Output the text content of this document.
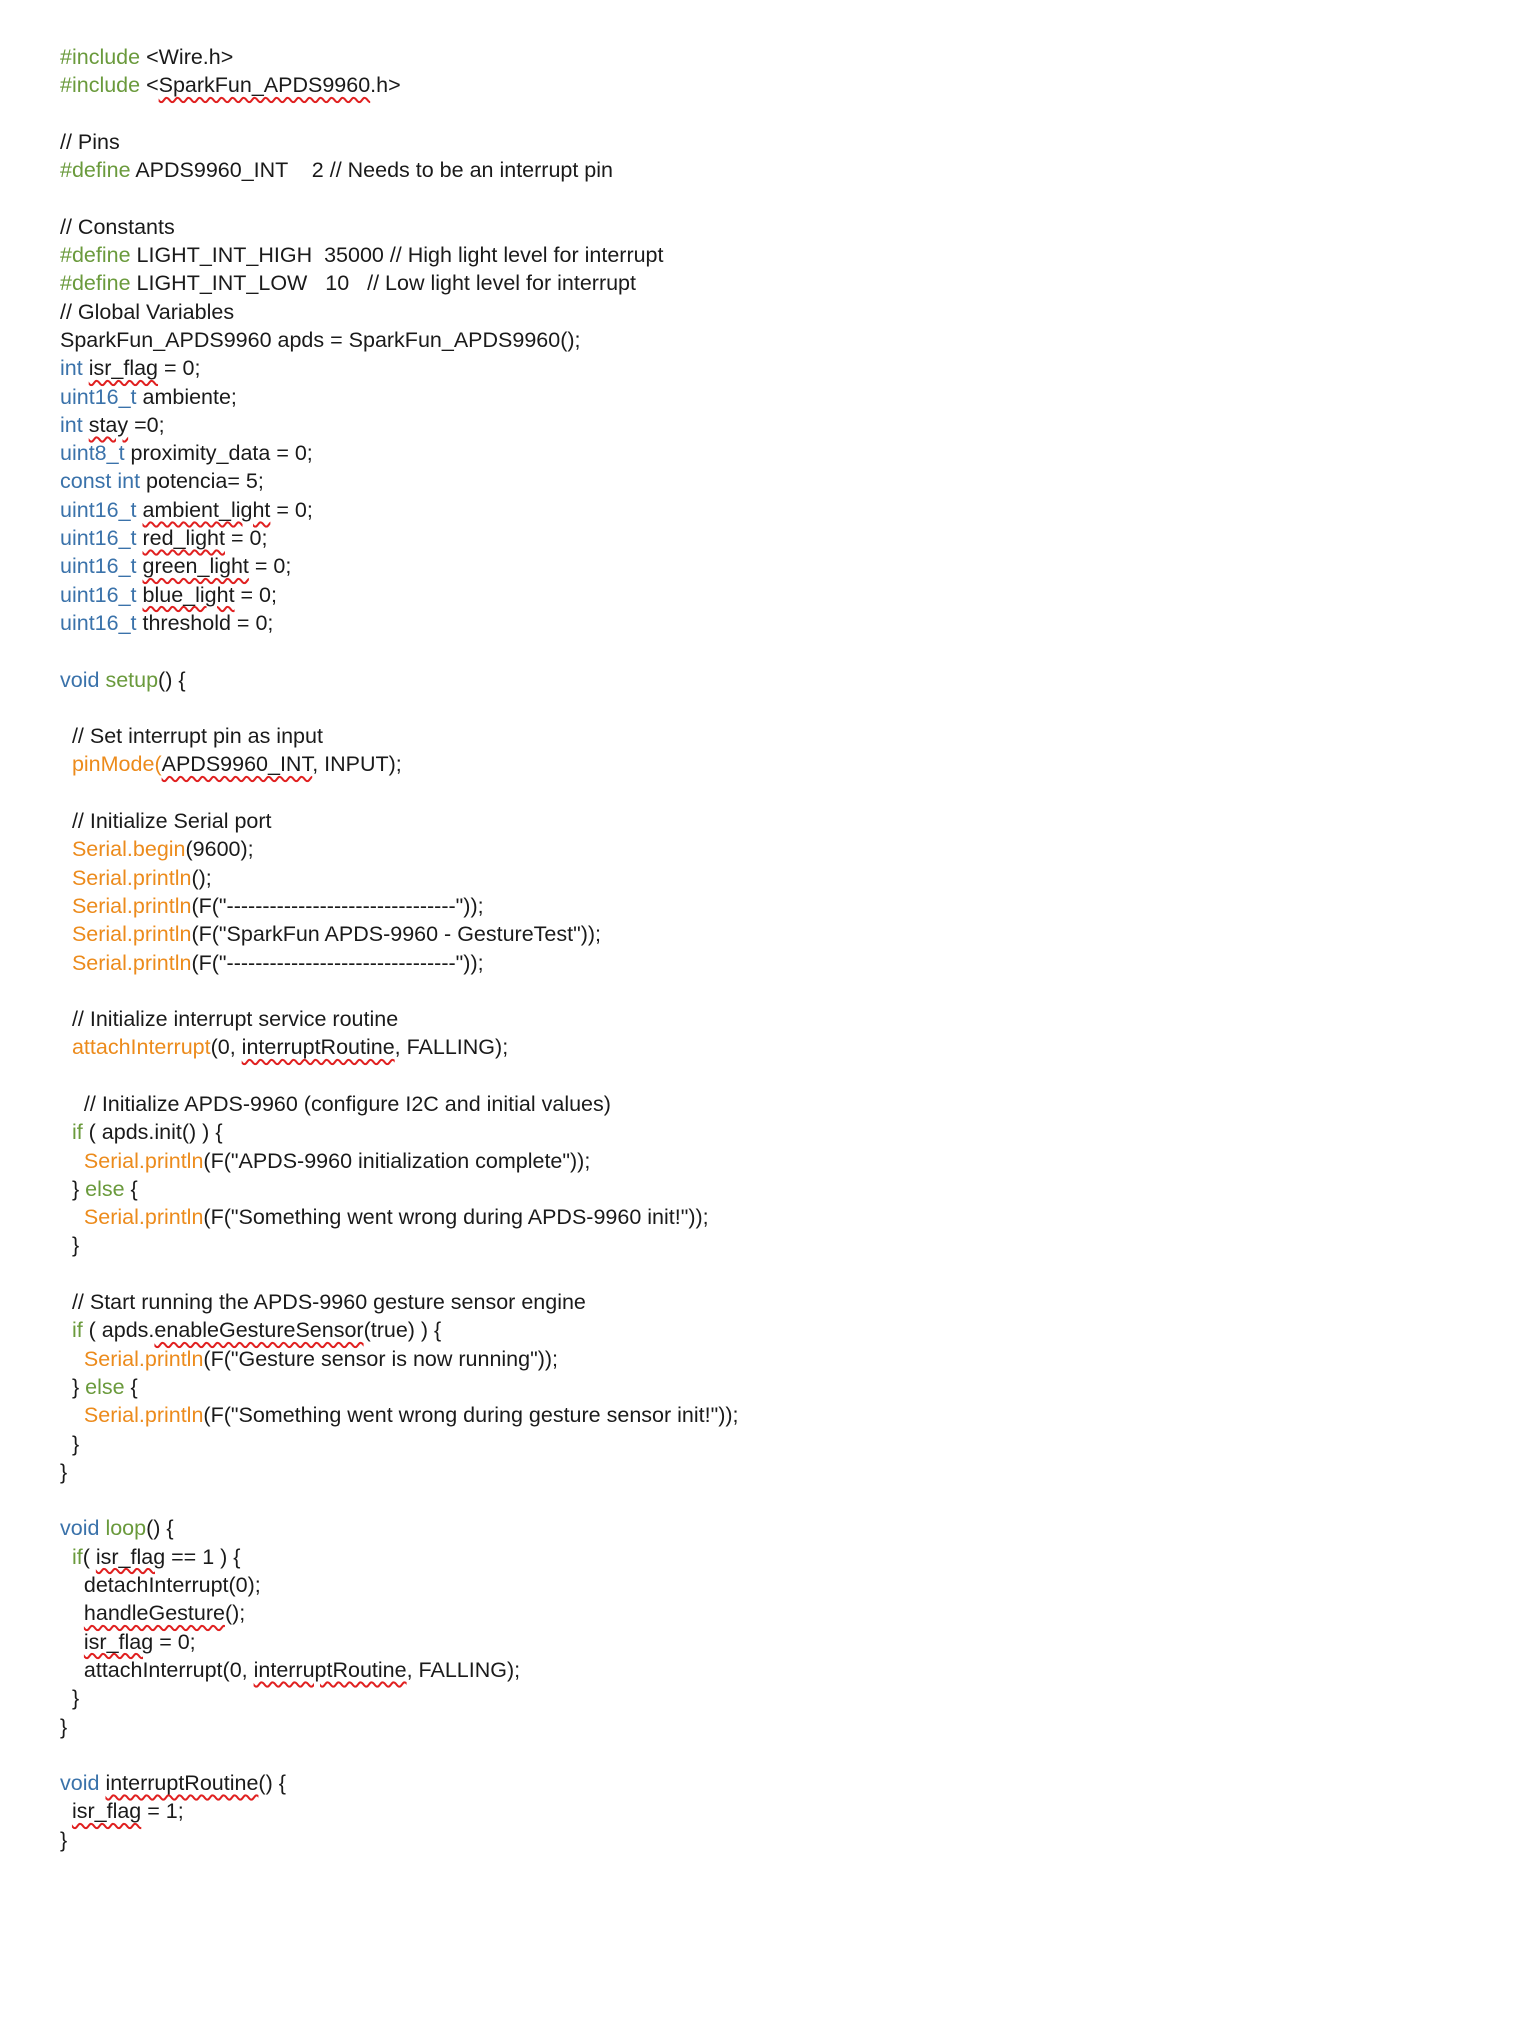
#include <Wire.h>
#include <SparkFun_APDS9960.h>
// Pins
#define APDS9960_INT    2 // Needs to be an interrupt pin
// Constants
#define LIGHT_INT_HIGH  35000 // High light level for interrupt
#define LIGHT_INT_LOW   10   // Low light level for interrupt
// Global Variables
SparkFun_APDS9960 apds = SparkFun_APDS9960();
int isr_flag = 0;
uint16_t ambiente;
int stay =0;
uint8_t proximity_data = 0;
const int potencia= 5;
uint16_t ambient_light = 0;
uint16_t red_light = 0;
uint16_t green_light = 0;
uint16_t blue_light = 0;
uint16_t threshold = 0;
void setup() {
// Set interrupt pin as input
pinMode(APDS9960_INT, INPUT);
// Initialize Serial port
Serial.begin(9600);
Serial.println();
Serial.println(F("--------------------------------"));
Serial.println(F("SparkFun APDS-9960 - GestureTest"));
Serial.println(F("--------------------------------"));
// Initialize interrupt service routine
attachInterrupt(0, interruptRoutine, FALLING);
// Initialize APDS-9960 (configure I2C and initial values)
if ( apds.init() ) {
Serial.println(F("APDS-9960 initialization complete"));
} else {
Serial.println(F("Something went wrong during APDS-9960 init!"));
}
// Start running the APDS-9960 gesture sensor engine
if ( apds.enableGestureSensor(true) ) {
Serial.println(F("Gesture sensor is now running"));
} else {
Serial.println(F("Something went wrong during gesture sensor init!"));
}
}
void loop() {
if( isr_flag == 1 ) {
detachInterrupt(0);
handleGesture();
isr_flag = 0;
attachInterrupt(0, interruptRoutine, FALLING);
}
}
void interruptRoutine() {
isr_flag = 1;
}
